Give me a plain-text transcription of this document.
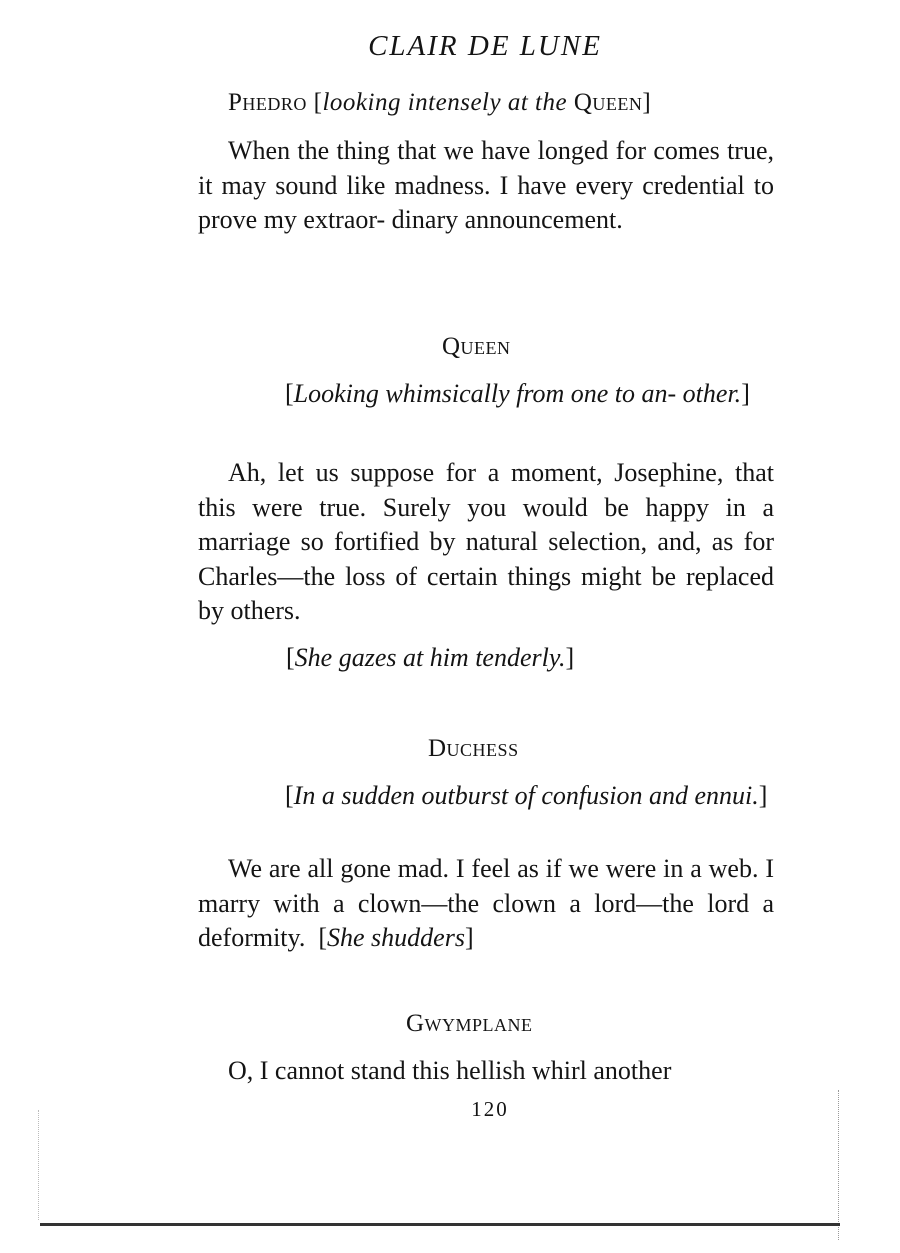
CLAIR DE LUNE
Phedro [looking intensely at the Queen]

When the thing that we have longed for comes true, it may sound like madness. I have every credential to prove my extraor- dinary announcement.

Queen

[Looking whimsically from one to an- other.]

Ah, let us suppose for a moment, Josephine, that this were true. Surely you would be happy in a marriage so fortified by natural selection, and, as for Charles—the loss of certain things might be replaced by others.

[She gazes at him tenderly.]

Duchess

[In a sudden outburst of confusion and ennui.]

We are all gone mad. I feel as if we were in a web. I marry with a clown—the clown a lord—the lord a deformity. [She shudders]

Gwymplane

O, I cannot stand this hellish whirl another

120
